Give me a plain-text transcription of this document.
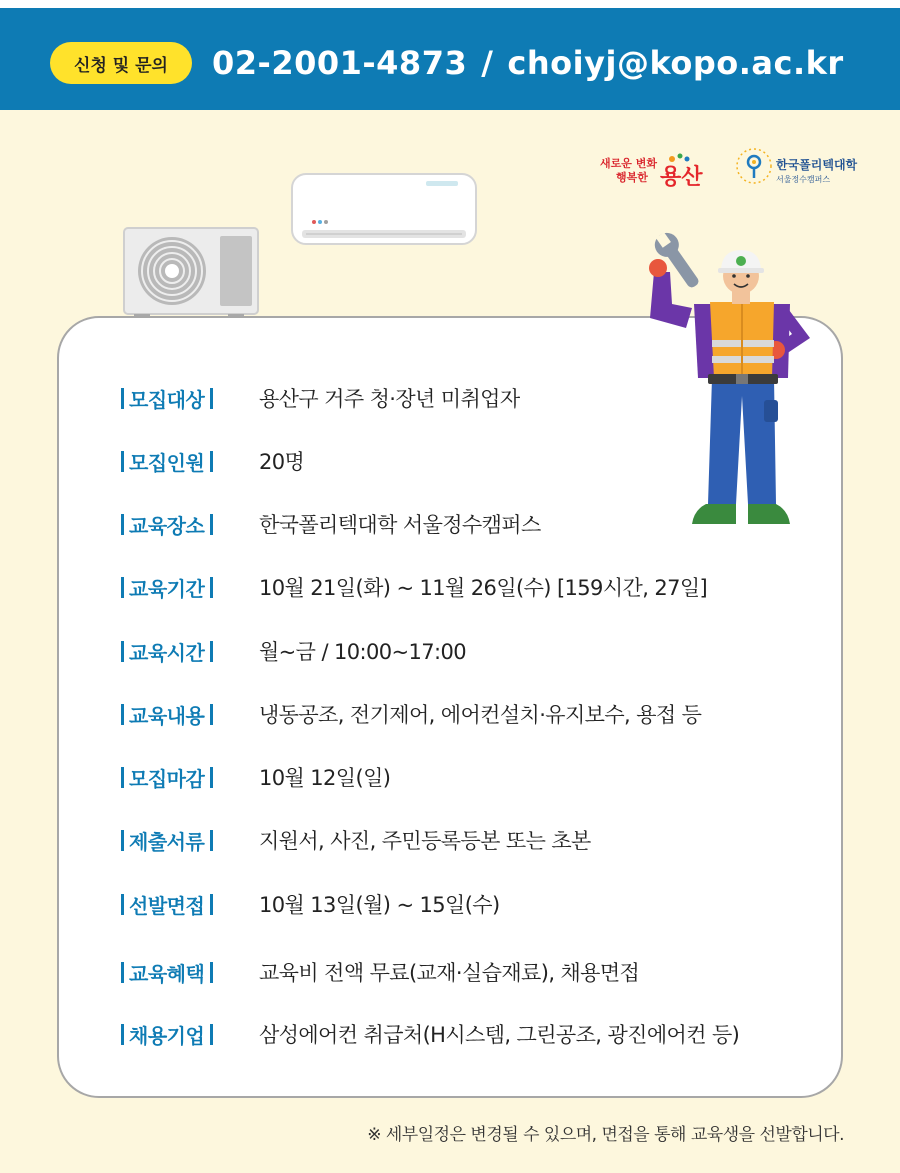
신청 및 문의	02-2001-4873 / choiyj@kopo.ac.kr
새로운 변화
행복한 용산	한국폴리텍대학
서울정수캠퍼스
모집대상	용산구 거주 청·장년 미취업자
모집인원	20명
교육장소	한국폴리텍대학 서울정수캠퍼스
교육기간	10월 21일(화) ~ 11월 26일(수) [159시간, 27일]
교육시간	월~금 / 10:00~17:00
교육내용	냉동공조, 전기제어, 에어컨설치·유지보수, 용접 등
모집마감	10월 12일(일)
제출서류	지원서, 사진, 주민등록등본 또는 초본
선발면접	10월 13일(월) ~ 15일(수)
교육혜택	교육비 전액 무료(교재·실습재료), 채용면접
채용기업	삼성에어컨 취급처(H시스템, 그린공조, 광진에어컨 등)
※ 세부일정은 변경될 수 있으며, 면접을 통해 교육생을 선발합니다.
